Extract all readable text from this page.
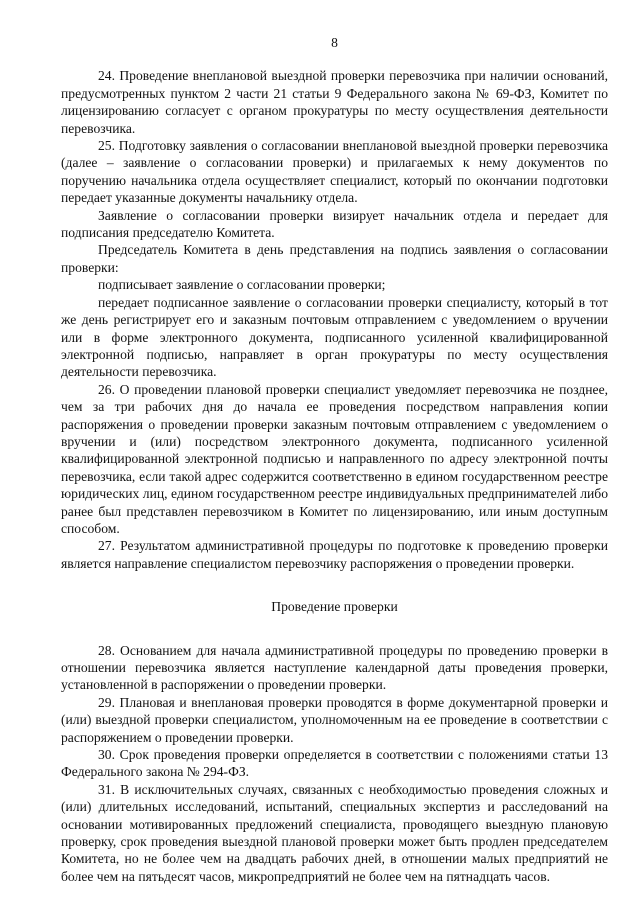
8

24. Проведение внеплановой выездной проверки перевозчика при наличии оснований, предусмотренных пунктом 2 части 21 статьи 9 Федерального закона № 69-ФЗ, Комитет по лицензированию согласует с органом прокуратуры по месту осуществления деятельности перевозчика.

25. Подготовку заявления о согласовании внеплановой выездной проверки перевозчика (далее – заявление о согласовании проверки) и прилагаемых к нему документов по поручению начальника отдела осуществляет специалист, который по окончании подготовки передает указанные документы начальнику отдела.

Заявление о согласовании проверки визирует начальник отдела и передает для подписания председателю Комитета.

Председатель Комитета в день представления на подпись заявления о согласовании проверки:

подписывает заявление о согласовании проверки;

передает подписанное заявление о согласовании проверки специалисту, который в тот же день регистрирует его и заказным почтовым отправлением с уведомлением о вручении или в форме электронного документа, подписанного усиленной квалифицированной электронной подписью, направляет в орган прокуратуры по месту осуществления деятельности перевозчика.

26. О проведении плановой проверки специалист уведомляет перевозчика не позднее, чем за три рабочих дня до начала ее проведения посредством направления копии распоряжения о проведении проверки заказным почтовым отправлением с уведомлением о вручении и (или) посредством электронного документа, подписанного усиленной квалифицированной электронной подписью и направленного по адресу электронной почты перевозчика, если такой адрес содержится соответственно в едином государственном реестре юридических лиц, едином государственном реестре индивидуальных предпринимателей либо ранее был представлен перевозчиком в Комитет по лицензированию, или иным доступным способом.

27. Результатом административной процедуры по подготовке к проведению проверки является направление специалистом перевозчику распоряжения о проведении проверки.

Проведение проверки

28. Основанием для начала административной процедуры по проведению проверки в отношении перевозчика является наступление календарной даты проведения проверки, установленной в распоряжении о проведении проверки.

29. Плановая и внеплановая проверки проводятся в форме документарной проверки и (или) выездной проверки специалистом, уполномоченным на ее проведение в соответствии с распоряжением о проведении проверки.

30. Срок проведения проверки определяется в соответствии с положениями статьи 13 Федерального закона № 294-ФЗ.

31. В исключительных случаях, связанных с необходимостью проведения сложных и (или) длительных исследований, испытаний, специальных экспертиз и расследований на основании мотивированных предложений специалиста, проводящего выездную плановую проверку, срок проведения выездной плановой проверки может быть продлен председателем Комитета, но не более чем на двадцать рабочих дней, в отношении малых предприятий не более чем на пятьдесят часов, микропредприятий не более чем на пятнадцать часов.
